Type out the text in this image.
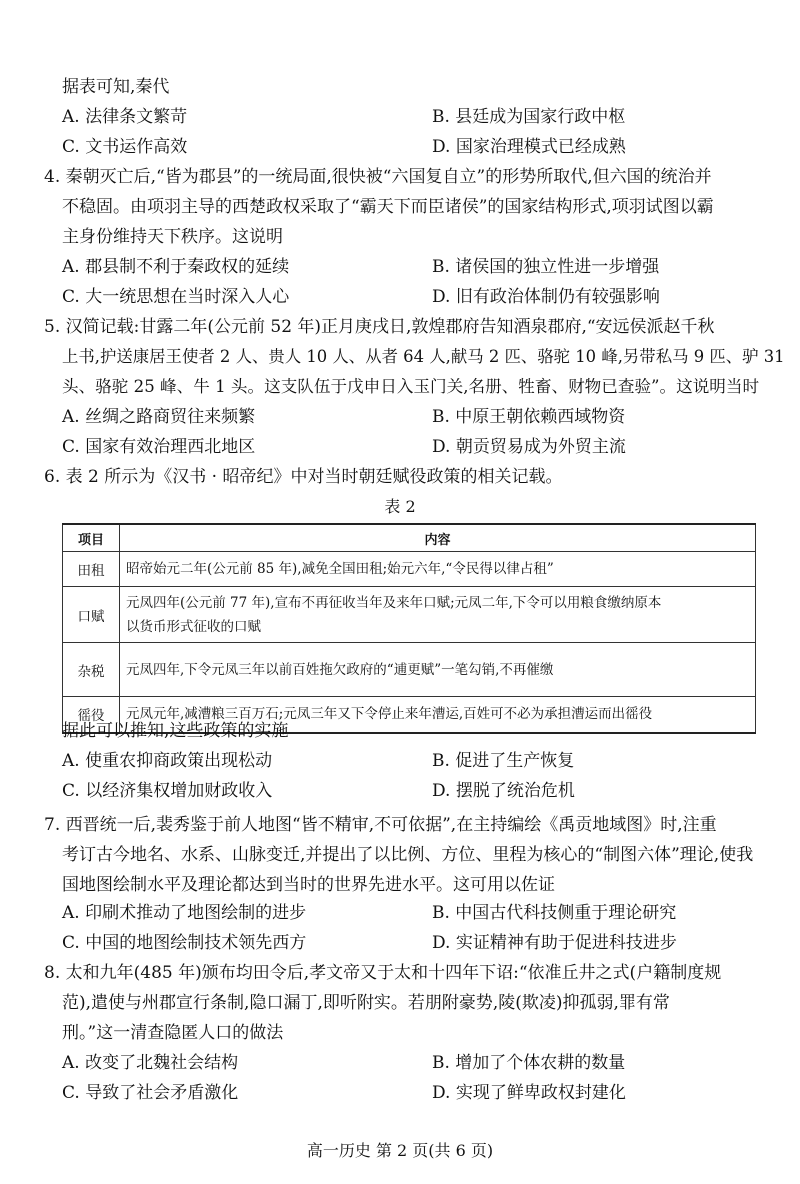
据表可知,秦代
A. 法律条文繁苛	B. 县廷成为国家行政中枢
C. 文书运作高效	D. 国家治理模式已经成熟
4. 秦朝灭亡后,“皆为郡县”的一统局面,很快被“六国复自立”的形势所取代,但六国的统治并
不稳固。由项羽主导的西楚政权采取了“霸天下而臣诸侯”的国家结构形式,项羽试图以霸
主身份维持天下秩序。这说明
A. 郡县制不利于秦政权的延续	B. 诸侯国的独立性进一步增强
C. 大一统思想在当时深入人心	D. 旧有政治体制仍有较强影响
5. 汉简记载:甘露二年(公元前 52 年)正月庚戌日,敦煌郡府告知酒泉郡府,“安远侯派赵千秋
上书,护送康居王使者 2 人、贵人 10 人、从者 64 人,献马 2 匹、骆驼 10 峰,另带私马 9 匹、驴 31
头、骆驼 25 峰、牛 1 头。这支队伍于戊申日入玉门关,名册、牲畜、财物已查验”。这说明当时
A. 丝绸之路商贸往来频繁	B. 中原王朝依赖西域物资
C. 国家有效治理西北地区	D. 朝贡贸易成为外贸主流
6. 表 2 所示为《汉书 · 昭帝纪》中对当时朝廷赋役政策的相关记载。
表 2
项目	内容
田租	昭帝始元二年(公元前 85 年),减免全国田租;始元六年,“令民得以律占租”
口赋	元凤四年(公元前 77 年),宣布不再征收当年及来年口赋;元凤二年,下令可以用粮食缴纳原本
以货币形式征收的口赋

杂税	元凤四年,下令元凤三年以前百姓拖欠政府的“逋更赋”一笔勾销,不再催缴
徭役	元凤元年,减漕粮三百万石;元凤三年又下令停止来年漕运,百姓可不必为承担漕运而出徭役
据此可以推知,这些政策的实施
A. 使重农抑商政策出现松动	B. 促进了生产恢复
C. 以经济集权增加财政收入	D. 摆脱了统治危机
7. 西晋统一后,裴秀鉴于前人地图“皆不精审,不可依据”,在主持编绘《禹贡地域图》时,注重
考订古今地名、水系、山脉变迁,并提出了以比例、方位、里程为核心的“制图六体”理论,使我
国地图绘制水平及理论都达到当时的世界先进水平。这可用以佐证
A. 印刷术推动了地图绘制的进步	B. 中国古代科技侧重于理论研究
C. 中国的地图绘制技术领先西方	D. 实证精神有助于促进科技进步
8. 太和九年(485 年)颁布均田令后,孝文帝又于太和十四年下诏:“依准丘井之式(户籍制度规
范),遣使与州郡宣行条制,隐口漏丁,即听附实。若朋附豪势,陵(欺凌)抑孤弱,罪有常
刑。”这一清查隐匿人口的做法
A. 改变了北魏社会结构	B. 增加了个体农耕的数量
C. 导致了社会矛盾激化	D. 实现了鲜卑政权封建化
高一历史 第 2 页(共 6 页)
